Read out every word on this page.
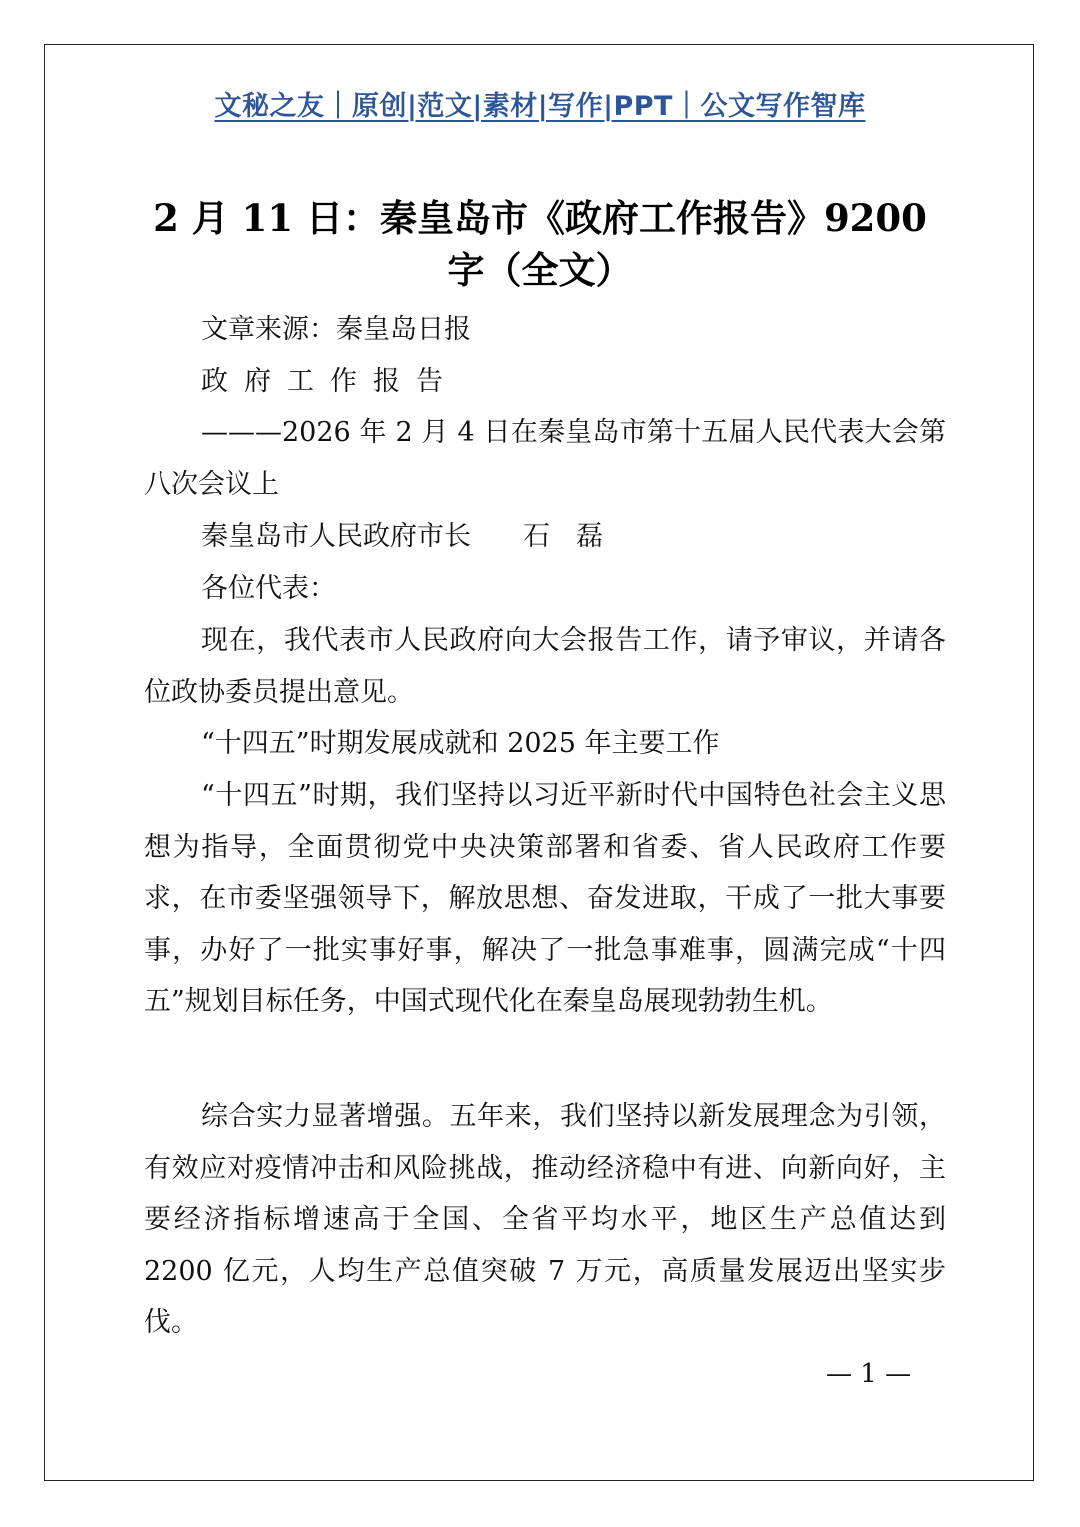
文秘之友｜原创|范文|素材|写作|PPT｜公文写作智库
2 月 11 日：秦皇岛市《政府工作报告》9200 字（全文）
文章来源：秦皇岛日报
政府工作报告
———2026 年 2 月 4 日在秦皇岛市第十五届人民代表大会第八次会议上
秦皇岛市人民政府市长 石磊
各位代表：
现在，我代表市人民政府向大会报告工作，请予审议，并请各位政协委员提出意见。
“十四五”时期发展成就和 2025 年主要工作
“十四五”时期，我们坚持以习近平新时代中国特色社会主义思想为指导，全面贯彻党中央决策部署和省委、省人民政府工作要求，在市委坚强领导下，解放思想、奋发进取，干成了一批大事要事，办好了一批实事好事，解决了一批急事难事，圆满完成“十四五”规划目标任务，中国式现代化在秦皇岛展现勃勃生机。
综合实力显著增强。五年来，我们坚持以新发展理念为引领，有效应对疫情冲击和风险挑战，推动经济稳中有进、向新向好，主要经济指标增速高于全国、全省平均水平，地区生产总值达到 2200 亿元，人均生产总值突破 7 万元，高质量发展迈出坚实步伐。
— 1 —
